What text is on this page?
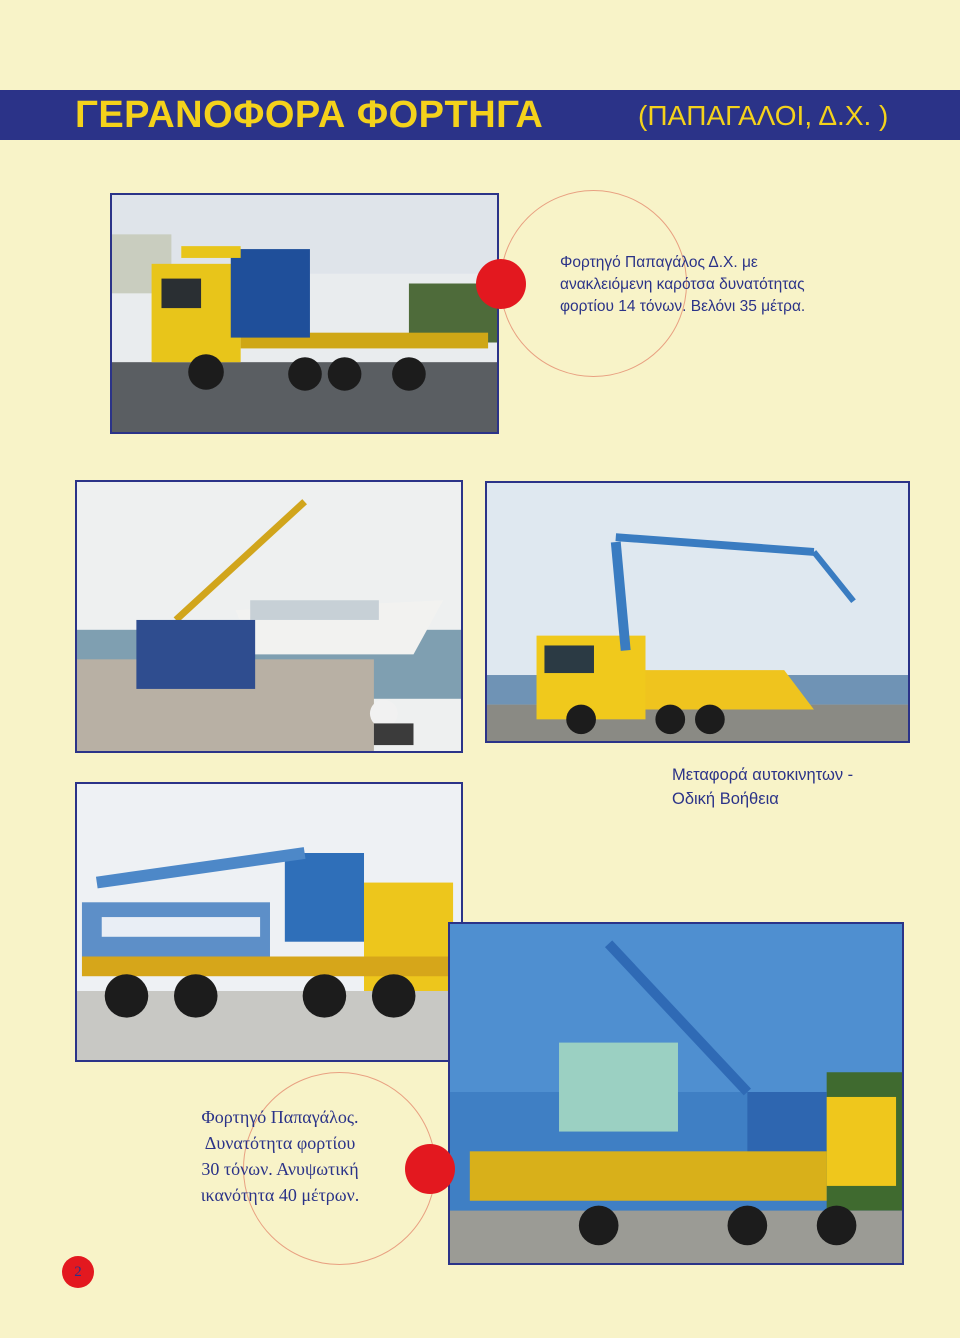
ΓΕΡΑΝΟΦΟΡΑ ΦΟΡΤΗΓΑ	(ΠΑΠΑΓΑΛΟΙ, Δ.Χ. )
Φορτηγό Παπαγάλος Δ.Χ. με
ανακλειόμενη καρότσα δυνατότητας
φορτίου 14 τόνων. Βελόνι 35 μέτρα.
Μεταφορά αυτοκινητων -
Οδική Βοήθεια
Φορτηγό Παπαγάλος.
Δυνατότητα φορτίου
30 τόνων. Ανυψωτική
ικανότητα 40 μέτρων.
2
